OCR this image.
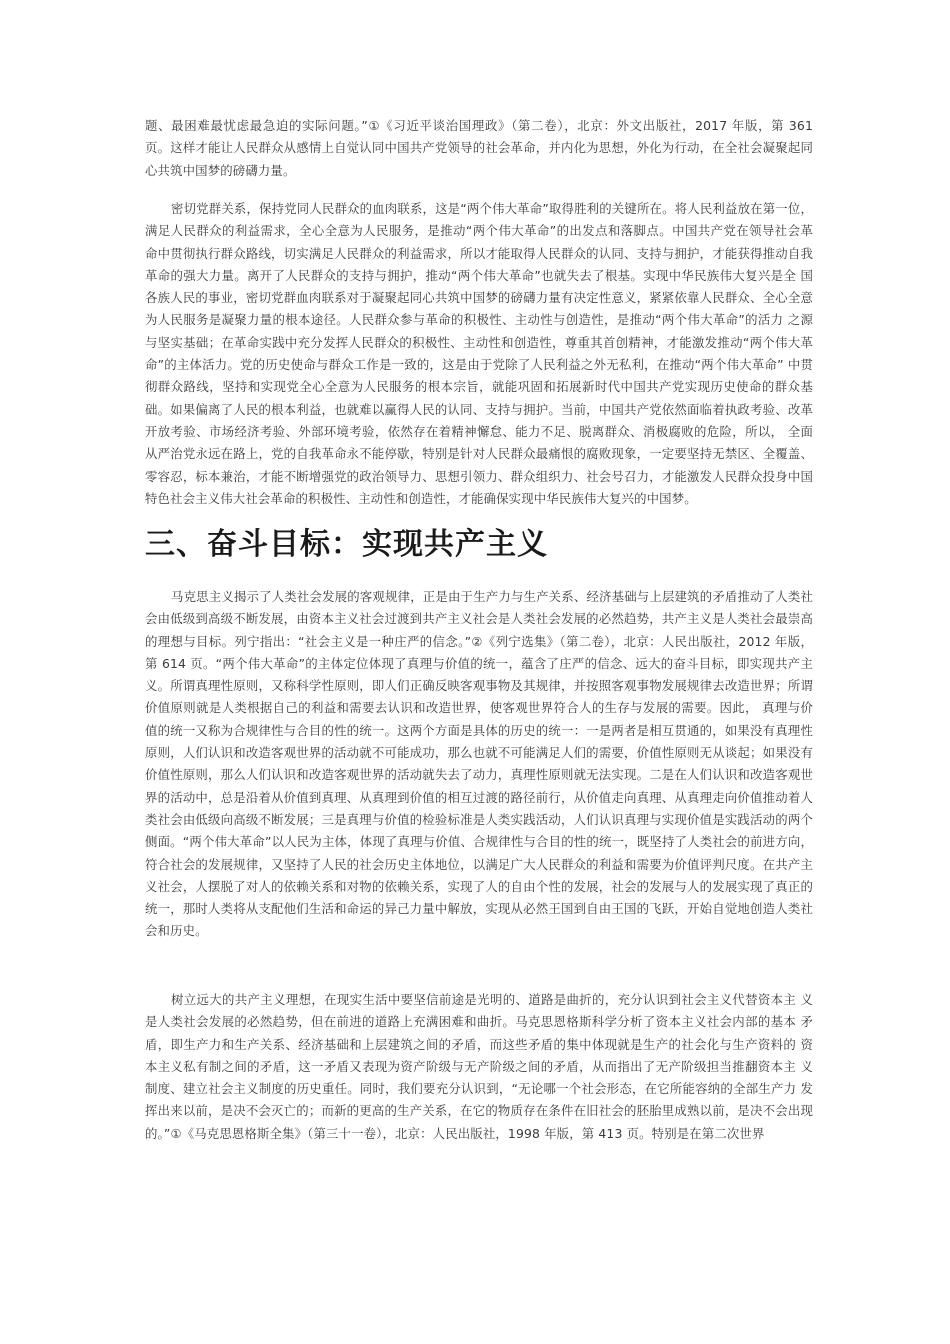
题、最困难最忧虑最急迫的实际问题。”①《习近平谈治国理政》（第二卷），北京：外文出版社，2017 年版，第 361 页。这样才能让人民群众从感情上自觉认同中国共产党领导的社会革命，并内化为思想，外化为行动，在全社会凝聚起同心共筑中国梦的磅礴力量。

密切党群关系，保持党同人民群众的血肉联系，这是“两个伟大革命”取得胜利的关键所在。将人民利益放在第一位，满足人民群众的利益需求，全心全意为人民服务，是推动“两个伟大革命”的出发点和落脚点。中国共产党在领导社会革 命中贯彻执行群众路线，切实满足人民群众的利益需求，所以才能取得人民群众的认同、支持与拥护，才能获得推动自我革命的强大力量。离开了人民群众的支持与拥护，推动“两个伟大革命”也就失去了根基。实现中华民族伟大复兴是全 国各族人民的事业，密切党群血肉联系对于凝聚起同心共筑中国梦的磅礴力量有决定性意义，紧紧依靠人民群众、全心全意为人民服务是凝聚力量的根本途径。人民群众参与革命的积极性、主动性与创造性，是推动“两个伟大革命”的活力 之源与坚实基础；在革命实践中充分发挥人民群众的积极性、主动性和创造性，尊重其首创精神，才能激发推动“两个伟大革命”的主体活力。党的历史使命与群众工作是一致的，这是由于党除了人民利益之外无私利，在推动“两个伟大革命” 中贯彻群众路线，坚持和实现党全心全意为人民服务的根本宗旨，就能巩固和拓展新时代中国共产党实现历史使命的群众基础。如果偏离了人民的根本利益，也就难以赢得人民的认同、支持与拥护。当前，中国共产党依然面临着执政考验、改革开放考验、市场经济考验、外部环境考验，依然存在着精神懈怠、能力不足、脱离群众、消极腐败的危险，所以， 全面从严治党永远在路上，党的自我革命永不能停歇，特别是针对人民群众最痛恨的腐败现象，一定要坚持无禁区、全覆盖、零容忍，标本兼治，才能不断增强党的政治领导力、思想引领力、群众组织力、社会号召力，才能激发人民群众投身中国特色社会主义伟大社会革命的积极性、主动性和创造性，才能确保实现中华民族伟大复兴的中国梦。

三、奋斗目标：实现共产主义

马克思主义揭示了人类社会发展的客观规律，正是由于生产力与生产关系、经济基础与上层建筑的矛盾推动了人类社会由低级到高级不断发展，由资本主义社会过渡到共产主义社会是人类社会发展的必然趋势，共产主义是人类社会最崇高的理想与目标。列宁指出：“社会主义是一种庄严的信念。”②《列宁选集》（第二卷），北京：人民出版社，2012 年版，第 614 页。“两个伟大革命”的主体定位体现了真理与价值的统一，蕴含了庄严的信念、远大的奋斗目标，即实现共产主义。所谓真理性原则，又称科学性原则，即人们正确反映客观事物及其规律，并按照客观事物发展规律去改造世界；所谓价值原则就是人类根据自己的利益和需要去认识和改造世界，使客观世界符合人的生存与发展的需要。因此， 真理与价值的统一又称为合规律性与合目的性的统一。这两个方面是具体的历史的统一：一是两者是相互贯通的，如果没有真理性原则，人们认识和改造客观世界的活动就不可能成功，那么也就不可能满足人们的需要，价值性原则无从谈起；如果没有价值性原则，那么人们认识和改造客观世界的活动就失去了动力，真理性原则就无法实现。二是在人们认识和改造客观世界的活动中，总是沿着从价值到真理、从真理到价值的相互过渡的路径前行，从价值走向真理、从真理走向价值推动着人类社会由低级向高级不断发展；三是真理与价值的检验标准是人类实践活动，人们认识真理与实现价值是实践活动的两个侧面。“两个伟大革命”以人民为主体，体现了真理与价值、合规律性与合目的性的统一，既坚持了人类社会的前进方向，符合社会的发展规律，又坚持了人民的社会历史主体地位，以满足广大人民群众的利益和需要为价值评判尺度。在共产主义社会，人摆脱了对人的依赖关系和对物的依赖关系，实现了人的自由个性的发展，社会的发展与人的发展实现了真正的统一，那时人类将从支配他们生活和命运的异己力量中解放，实现从必然王国到自由王国的飞跃，开始自觉地创造人类社会和历史。

树立远大的共产主义理想，在现实生活中要坚信前途是光明的、道路是曲折的，充分认识到社会主义代替资本主 义是人类社会发展的必然趋势，但在前进的道路上充满困难和曲折。马克思恩格斯科学分析了资本主义社会内部的基本 矛盾，即生产力和生产关系、经济基础和上层建筑之间的矛盾，而这些矛盾的集中体现就是生产的社会化与生产资料的 资本主义私有制之间的矛盾，这一矛盾又表现为资产阶级与无产阶级之间的矛盾，从而指出了无产阶级担当推翻资本主 义制度、建立社会主义制度的历史重任。同时，我们要充分认识到，“无论哪一个社会形态，在它所能容纳的全部生产力 发挥出来以前，是决不会灭亡的；而新的更高的生产关系，在它的物质存在条件在旧社会的胚胎里成熟以前，是决不会出现的。”①《马克思恩格斯全集》（第三十一卷），北京：人民出版社，1998 年版，第 413 页。特别是在第二次世界
